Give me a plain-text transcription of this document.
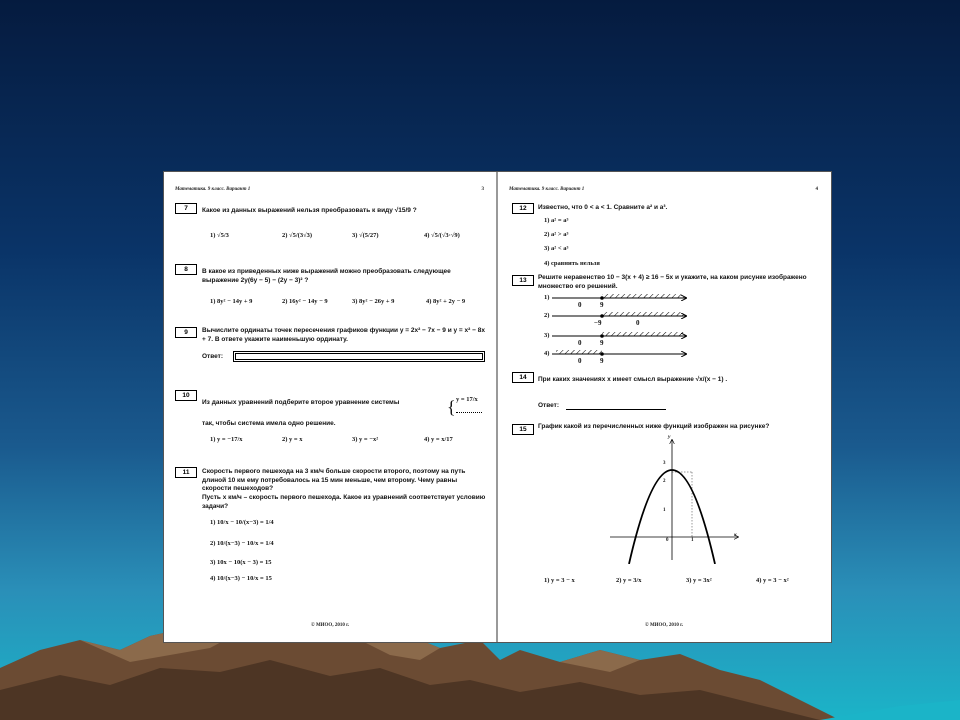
Математика. 9 класс. Вариант 1	3
7	Какое из данных выражений нельзя преобразовать к виду √15/9 ?
1) √5/3	2) √5/(3√3)	3) √(5/27)	4) √5/(√3·√9)
8	В какое из приведенных ниже выражений можно преобразовать следующее выражение 2y(6y − 5) − (2y − 3)² ?
1) 8y² − 14y + 9	2) 16y² − 14y − 9	3) 8y² − 26y + 9	4) 8y² + 2y − 9
9	Вычислите ординаты точек пересечения графиков функции y = 2x² − 7x − 9 и y = x² − 8x + 7. В ответе укажите наименьшую ординату.
Ответ:
10
Из данных уравнений подберите второе уравнение системы	{ y = 17/x
так, чтобы система имела одно решение.
1) y = −17/x	2) y = x	3) y = −x²	4) y = x/17
11	Скорость первого пешехода на 3 км/ч больше скорости второго, поэтому на путь длиной 10 км ему потребовалось на 15 мин меньше, чем второму. Чему равны скорости пешеходов?
Пусть x км/ч – скорость первого пешехода. Какое из уравнений соответствует условию задачи?
1) 10/x − 10/(x−3) = 1/4
2) 10/(x−3) − 10/x = 1/4
3) 10x − 10(x − 3) = 15
4) 10/(x−3) − 10/x = 15
© МИОО, 2010 г.
Математика. 9 класс. Вариант 1	4
12	Известно, что 0 < a < 1. Сравните a² и a³.
1) a² = a³
2) a² > a³
3) a² < a³
4) сравнить нельзя
13	Решите неравенство 10 − 3(x + 4) ≥ 16 − 5x и укажите, на каком рисунке изображено множество его решений.
1)
0	9
2)
−9	0
3)
0	9
4)
0	9
14	При каких значениях x имеет смысл выражение √x/(x − 1) .
Ответ:
15	График какой из перечисленных ниже функций изображен на рисунке?
y
x
3
2
1
0	1
1) y = 3 − x	2) y = 3/x	3) y = 3x²	4) y = 3 − x²
© МИОО, 2010 г.
